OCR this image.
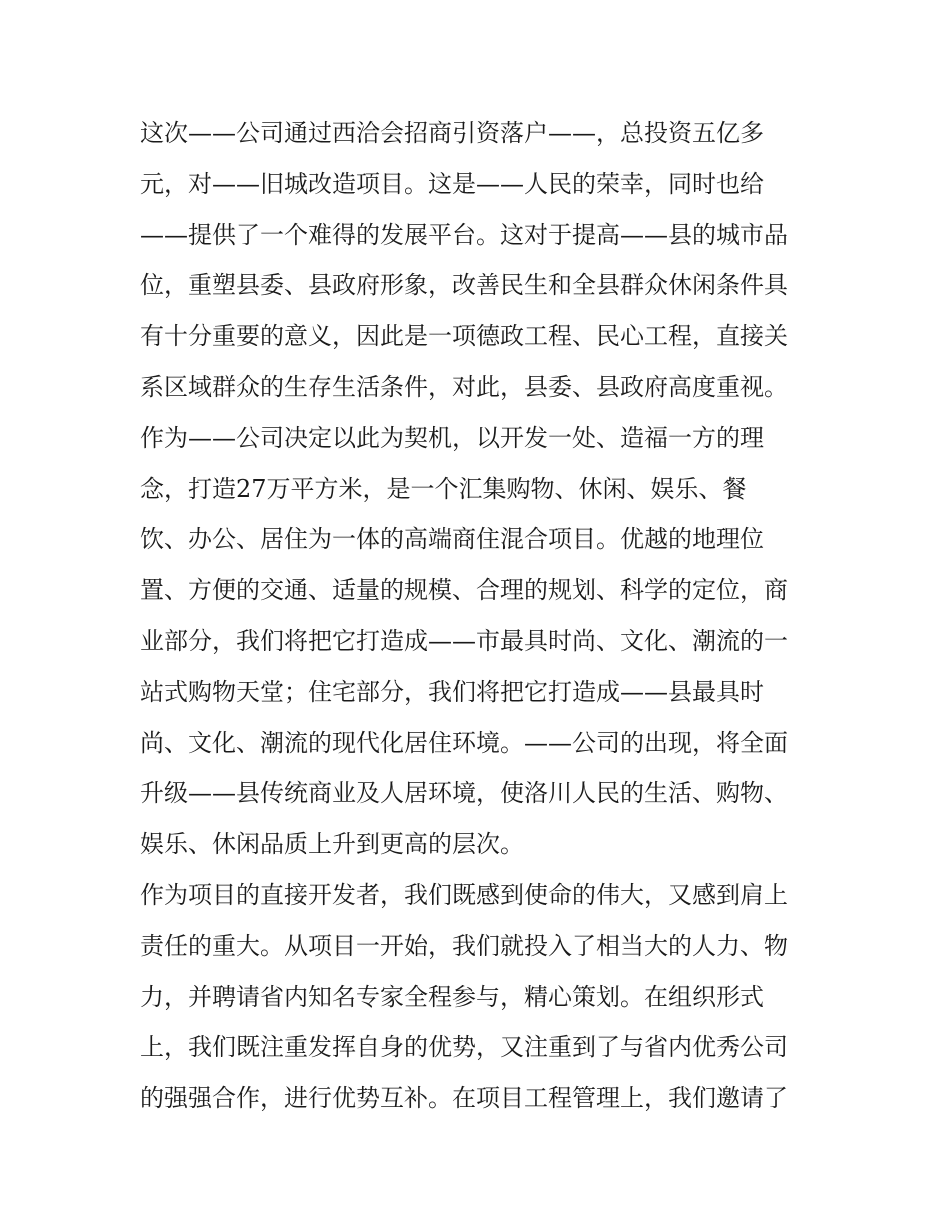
这次——公司通过西洽会招商引资落户——，总投资五亿多
元，对——旧城改造项目。这是——人民的荣幸，同时也给
——提供了一个难得的发展平台。这对于提高——县的城市品
位，重塑县委、县政府形象，改善民生和全县群众休闲条件具
有十分重要的意义，因此是一项德政工程、民心工程，直接关
系区域群众的生存生活条件，对此，县委、县政府高度重视。
作为——公司决定以此为契机，以开发一处、造福一方的理
念，打造27万平方米，是一个汇集购物、休闲、娱乐、餐
饮、办公、居住为一体的高端商住混合项目。优越的地理位
置、方便的交通、适量的规模、合理的规划、科学的定位，商
业部分，我们将把它打造成——市最具时尚、文化、潮流的一
站式购物天堂；住宅部分，我们将把它打造成——县最具时
尚、文化、潮流的现代化居住环境。——公司的出现，将全面
升级——县传统商业及人居环境，使洛川人民的生活、购物、
娱乐、休闲品质上升到更高的层次。
作为项目的直接开发者，我们既感到使命的伟大，又感到肩上
责任的重大。从项目一开始，我们就投入了相当大的人力、物
力，并聘请省内知名专家全程参与，精心策划。在组织形式
上，我们既注重发挥自身的优势，又注重到了与省内优秀公司
的强强合作，进行优势互补。在项目工程管理上，我们邀请了
